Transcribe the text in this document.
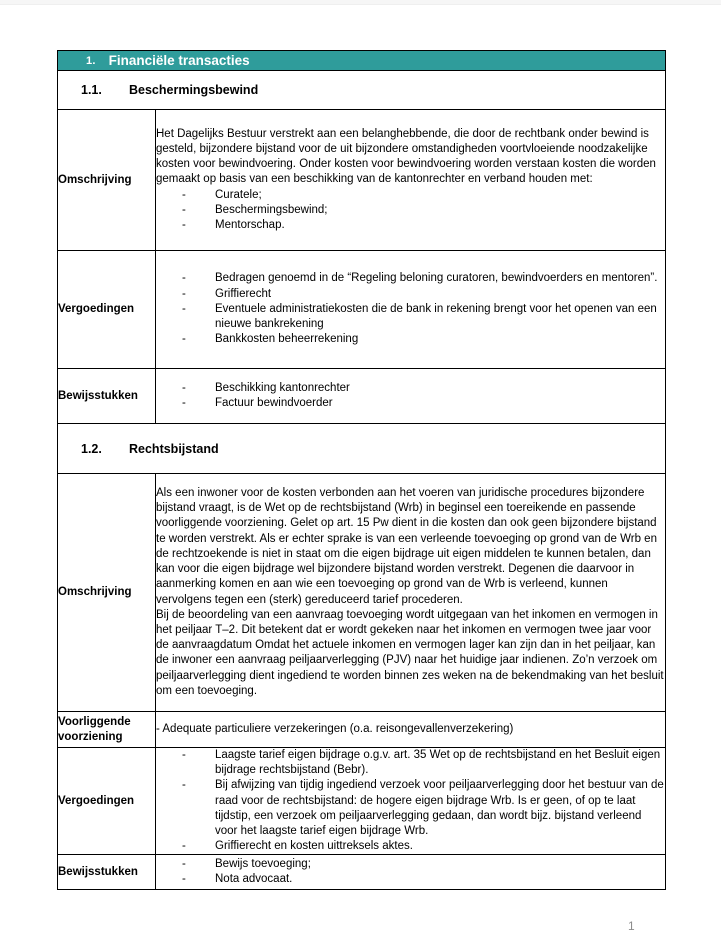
1. Financiële transacties	

1.1. Beschermingsbewind	

Omschrijving	Het Dagelijks Bestuur verstrekt aan een belanghebbende, die door de rechtbank onder bewind is gesteld, bijzondere bijstand voor de uit bijzondere omstandigheden voortvloeiende noodzakelijke kosten voor bewindvoering. Onder kosten voor bewindvoering worden verstaan kosten die worden gemaakt op basis van een beschikking van de kantonrechter en verband houden met:

- Curatele;
- Beschermingsbewind;
- Mentorschap.

Vergoedingen	- Bedragen genoemd in de “Regeling beloning curatoren, bewindvoerders en mentoren”.
- Griffierecht
- Eventuele administratiekosten die de bank in rekening brengt voor het openen van een nieuwe bankrekening
- Bankkosten beheerrekening

Bewijsstukken	- Beschikking kantonrechter
- Factuur bewindvoerder

1.2. Rechtsbijstand	

Omschrijving	Als een inwoner voor de kosten verbonden aan het voeren van juridische procedures bijzondere bijstand vraagt, is de Wet op de rechtsbijstand (Wrb) in beginsel een toereikende en passende voorliggende voorziening. Gelet op art. 15 Pw dient in die kosten dan ook geen bijzondere bijstand te worden verstrekt. Als er echter sprake is van een verleende toevoeging op grond van de Wrb en de rechtzoekende is niet in staat om die eigen bijdrage uit eigen middelen te kunnen betalen, dan kan voor die eigen bijdrage wel bijzondere bijstand worden verstrekt. Degenen die daarvoor in aanmerking komen en aan wie een toevoeging op grond van de Wrb is verleend, kunnen vervolgens tegen een (sterk) gereduceerd tarief procederen.

Bij de beoordeling van een aanvraag toevoeging wordt uitgegaan van het inkomen en vermogen in het peiljaar T–2. Dit betekent dat er wordt gekeken naar het inkomen en vermogen twee jaar voor de aanvraagdatum Omdat het actuele inkomen en vermogen lager kan zijn dan in het peiljaar, kan de inwoner een aanvraag peiljaarverlegging (PJV) naar het huidige jaar indienen. Zo’n verzoek om peiljaarverlegging dient ingediend te worden binnen zes weken na de bekendmaking van het besluit om een toevoeging.

Voorliggende voorziening	- Adequate particuliere verzekeringen (o.a. reisongevallenverzekering)

Vergoedingen	- Laagste tarief eigen bijdrage o.g.v. art. 35 Wet op de rechtsbijstand en het Besluit eigen bijdrage rechtsbijstand (Bebr).
- Bij afwijzing van tijdig ingediend verzoek voor peiljaarverlegging door het bestuur van de raad voor de rechtsbijstand: de hogere eigen bijdrage Wrb. Is er geen, of op te laat tijdstip, een verzoek om peiljaarverlegging gedaan, dan wordt bijz. bijstand verleend voor het laagste tarief eigen bijdrage Wrb.
- Griffierecht en kosten uittreksels aktes.

Bewijsstukken	- Bewijs toevoeging;
- Nota advocaat.
1
